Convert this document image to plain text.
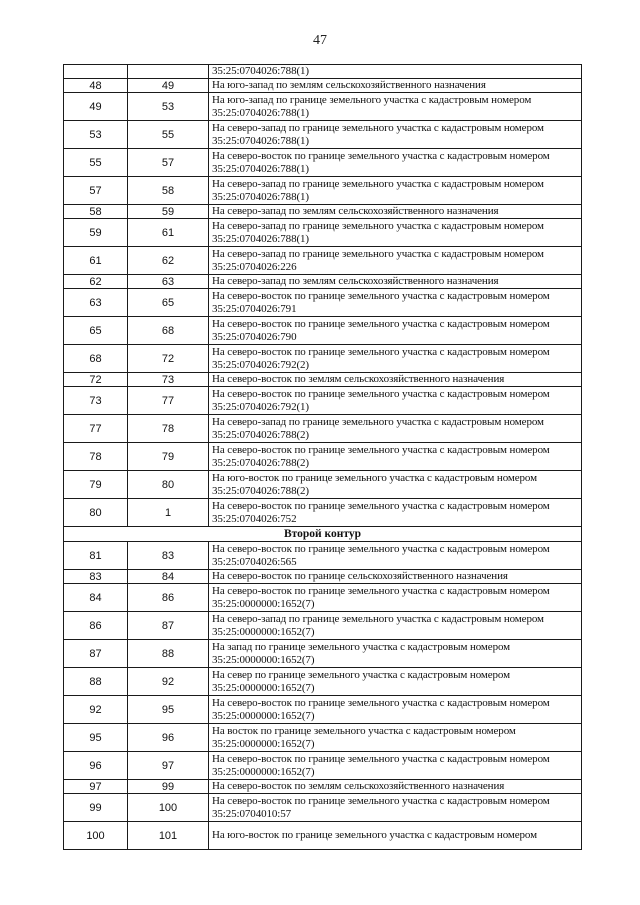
47
		35:25:0704026:788(1)
48	49	На юго-запад по землям сельскохозяйственного назначения
49	53	На юго-запад по границе земельного участка с кадастровым номером 35:25:0704026:788(1)
53	55	На северо-запад по границе земельного участка с кадастровым номером 35:25:0704026:788(1)
55	57	На северо-восток по границе земельного участка с кадастровым номером 35:25:0704026:788(1)
57	58	На северо-запад по границе земельного участка с кадастровым номером 35:25:0704026:788(1)
58	59	На северо-запад по землям сельскохозяйственного назначения
59	61	На северо-запад по границе земельного участка с кадастровым номером 35:25:0704026:788(1)
61	62	На северо-запад по границе земельного участка с кадастровым номером 35:25:0704026:226
62	63	На северо-запад по землям сельскохозяйственного назначения
63	65	На северо-восток по границе земельного участка с кадастровым номером 35:25:0704026:791
65	68	На северо-восток по границе земельного участка с кадастровым номером 35:25:0704026:790
68	72	На северо-восток по границе земельного участка с кадастровым номером 35:25:0704026:792(2)
72	73	На северо-восток по землям сельскохозяйственного назначения
73	77	На северо-восток по границе земельного участка с кадастровым номером 35:25:0704026:792(1)
77	78	На северо-запад по границе земельного участка с кадастровым номером 35:25:0704026:788(2)
78	79	На северо-восток по границе земельного участка с кадастровым номером 35:25:0704026:788(2)
79	80	На юго-восток по границе земельного участка с кадастровым номером 35:25:0704026:788(2)
80	1	На северо-восток по границе земельного участка с кадастровым номером 35:25:0704026:752
Второй контур		
81	83	На северо-восток по границе земельного участка с кадастровым номером 35:25:0704026:565
83	84	На северо-восток по границе сельскохозяйственного назначения
84	86	На северо-восток по границе земельного участка с кадастровым номером 35:25:0000000:1652(7)
86	87	На северо-запад по границе земельного участка с кадастровым номером 35:25:0000000:1652(7)
87	88	На запад по границе земельного участка с кадастровым номером 35:25:0000000:1652(7)
88	92	На север по границе земельного участка с кадастровым номером 35:25:0000000:1652(7)
92	95	На северо-восток по границе земельного участка с кадастровым номером 35:25:0000000:1652(7)
95	96	На восток по границе земельного участка с кадастровым номером 35:25:0000000:1652(7)
96	97	На северо-восток по границе земельного участка с кадастровым номером 35:25:0000000:1652(7)
97	99	На северо-восток по землям сельскохозяйственного назначения
99	100	На северо-восток по границе земельного участка с кадастровым номером 35:25:0704010:57
100	101	На юго-восток по границе земельного участка с кадастровым номером
